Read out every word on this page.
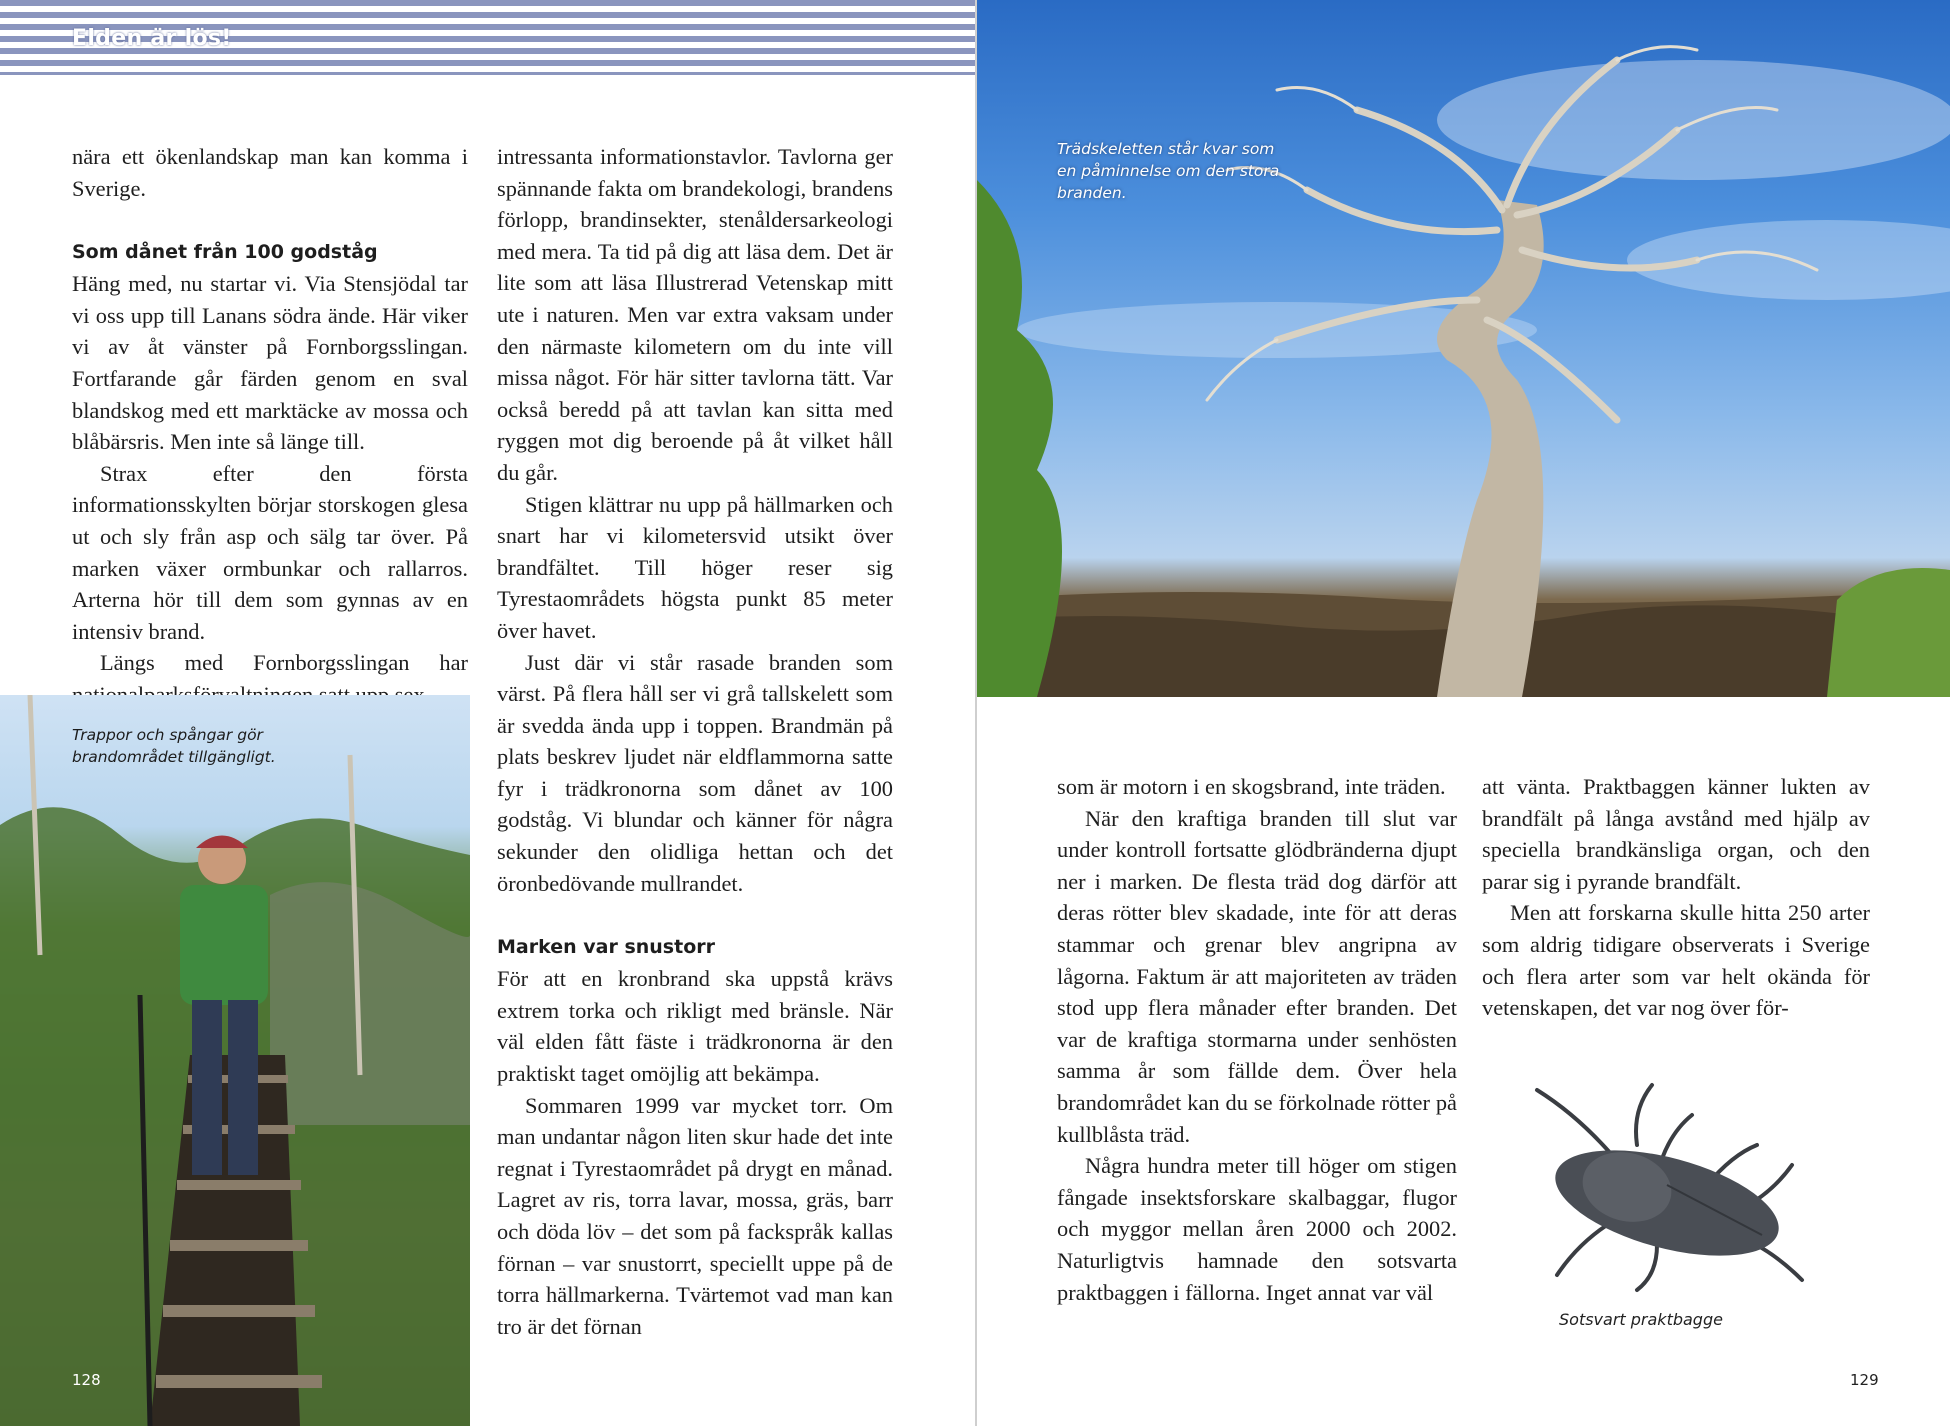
Elden är lös!

nära ett ökenlandskap man kan komma i Sverige.

Som dånet från 100 godståg

Häng med, nu startar vi. Via Stensjödal tar vi oss upp till Lanans södra ände. Här viker vi av åt vänster på Fornborgsslingan. Fortfarande går färden genom en sval blandskog med ett marktäcke av mossa och blåbärsris. Men inte så länge till.

Strax efter den första informationsskylten börjar storskogen glesa ut och sly från asp och sälg tar över. På marken växer ormbunkar och rallarros. Arterna hör till dem som gynnas av en intensiv brand.

Längs med Fornborgsslingan har

intressanta informationstavlor. Tavlorna ger spännande fakta om brandekologi, brandens förlopp, brandinsekter, stenåldersarkeologi med mera. Ta tid på dig att läsa dem. Det är lite som att läsa Illustrerad Vetenskap mitt ute i naturen. Men var extra vaksam under den närmaste kilometern om du inte vill missa något. För här sitter tavlorna tätt. Var också beredd på att tavlan kan sitta med ryggen mot dig beroende på åt vilket håll du går.

Stigen klättrar nu upp på hällmarken och snart har vi kilometersvid utsikt över brandfältet. Till höger reser sig Tyrestaområdets högsta punkt 85 meter över havet.

Just där vi står rasade branden som värst. På flera håll ser vi grå tallskelett som är svedda ända upp i toppen. Brandmän på plats beskrev ljudet när eldflammorna satte fyr i trädkronorna som dånet av 100 godståg. Vi blundar och känner för några sekunder den olidliga hettan och det öronbedövande mullrandet.

Marken var snustorr

För att en kronbrand ska uppstå krävs extrem torka och rikligt med bränsle. När väl elden fått fäste i trädkronorna är den praktiskt taget omöjlig att bekämpa.

Sommaren 1999 var mycket torr. Om man undantar någon liten skur hade det inte regnat i Tyrestaområdet på drygt en månad. Lagret av ris, torra lavar, mossa, gräs, barr och döda löv – det som på fackspråk kallas förnan – var snustorrt, speciellt uppe på de torra hällmarkerna. Tvärtemot vad man kan tro är det förnan

Trappor och spångar gör brandområdet tillgängligt.
128
Trädskeletten står kvar som en påminnelse om den stora branden.

som är motorn i en skogsbrand, inte träden.

När den kraftiga branden till slut var under kontroll fortsatte glödbränderna djupt ner i marken. De flesta träd dog därför att deras rötter blev skadade, inte för att deras stammar och grenar blev angripna av lågorna. Faktum är att majoriteten av träden stod upp flera månader efter branden. Det var de kraftiga stormarna under senhösten samma år som fällde dem. Över hela brandområdet kan du se förkolnade rötter på kullblåsta träd.

Några hundra meter till höger om stigen fångade insektsforskare skalbaggar, flugor och myggor mellan åren 2000 och 2002. Naturligtvis hamnade den sotsvarta praktbaggen i fällorna. Inget annat var väl

att vänta. Praktbaggen känner lukten av brandfält på långa avstånd med hjälp av speciella brandkänsliga organ, och den parar sig i pyrande brandfält.

Men att forskarna skulle hitta 250 arter som aldrig tidigare observerats i Sverige och flera arter som var helt okända för vetenskapen, det var nog över för-

Sotsvart praktbagge
129
